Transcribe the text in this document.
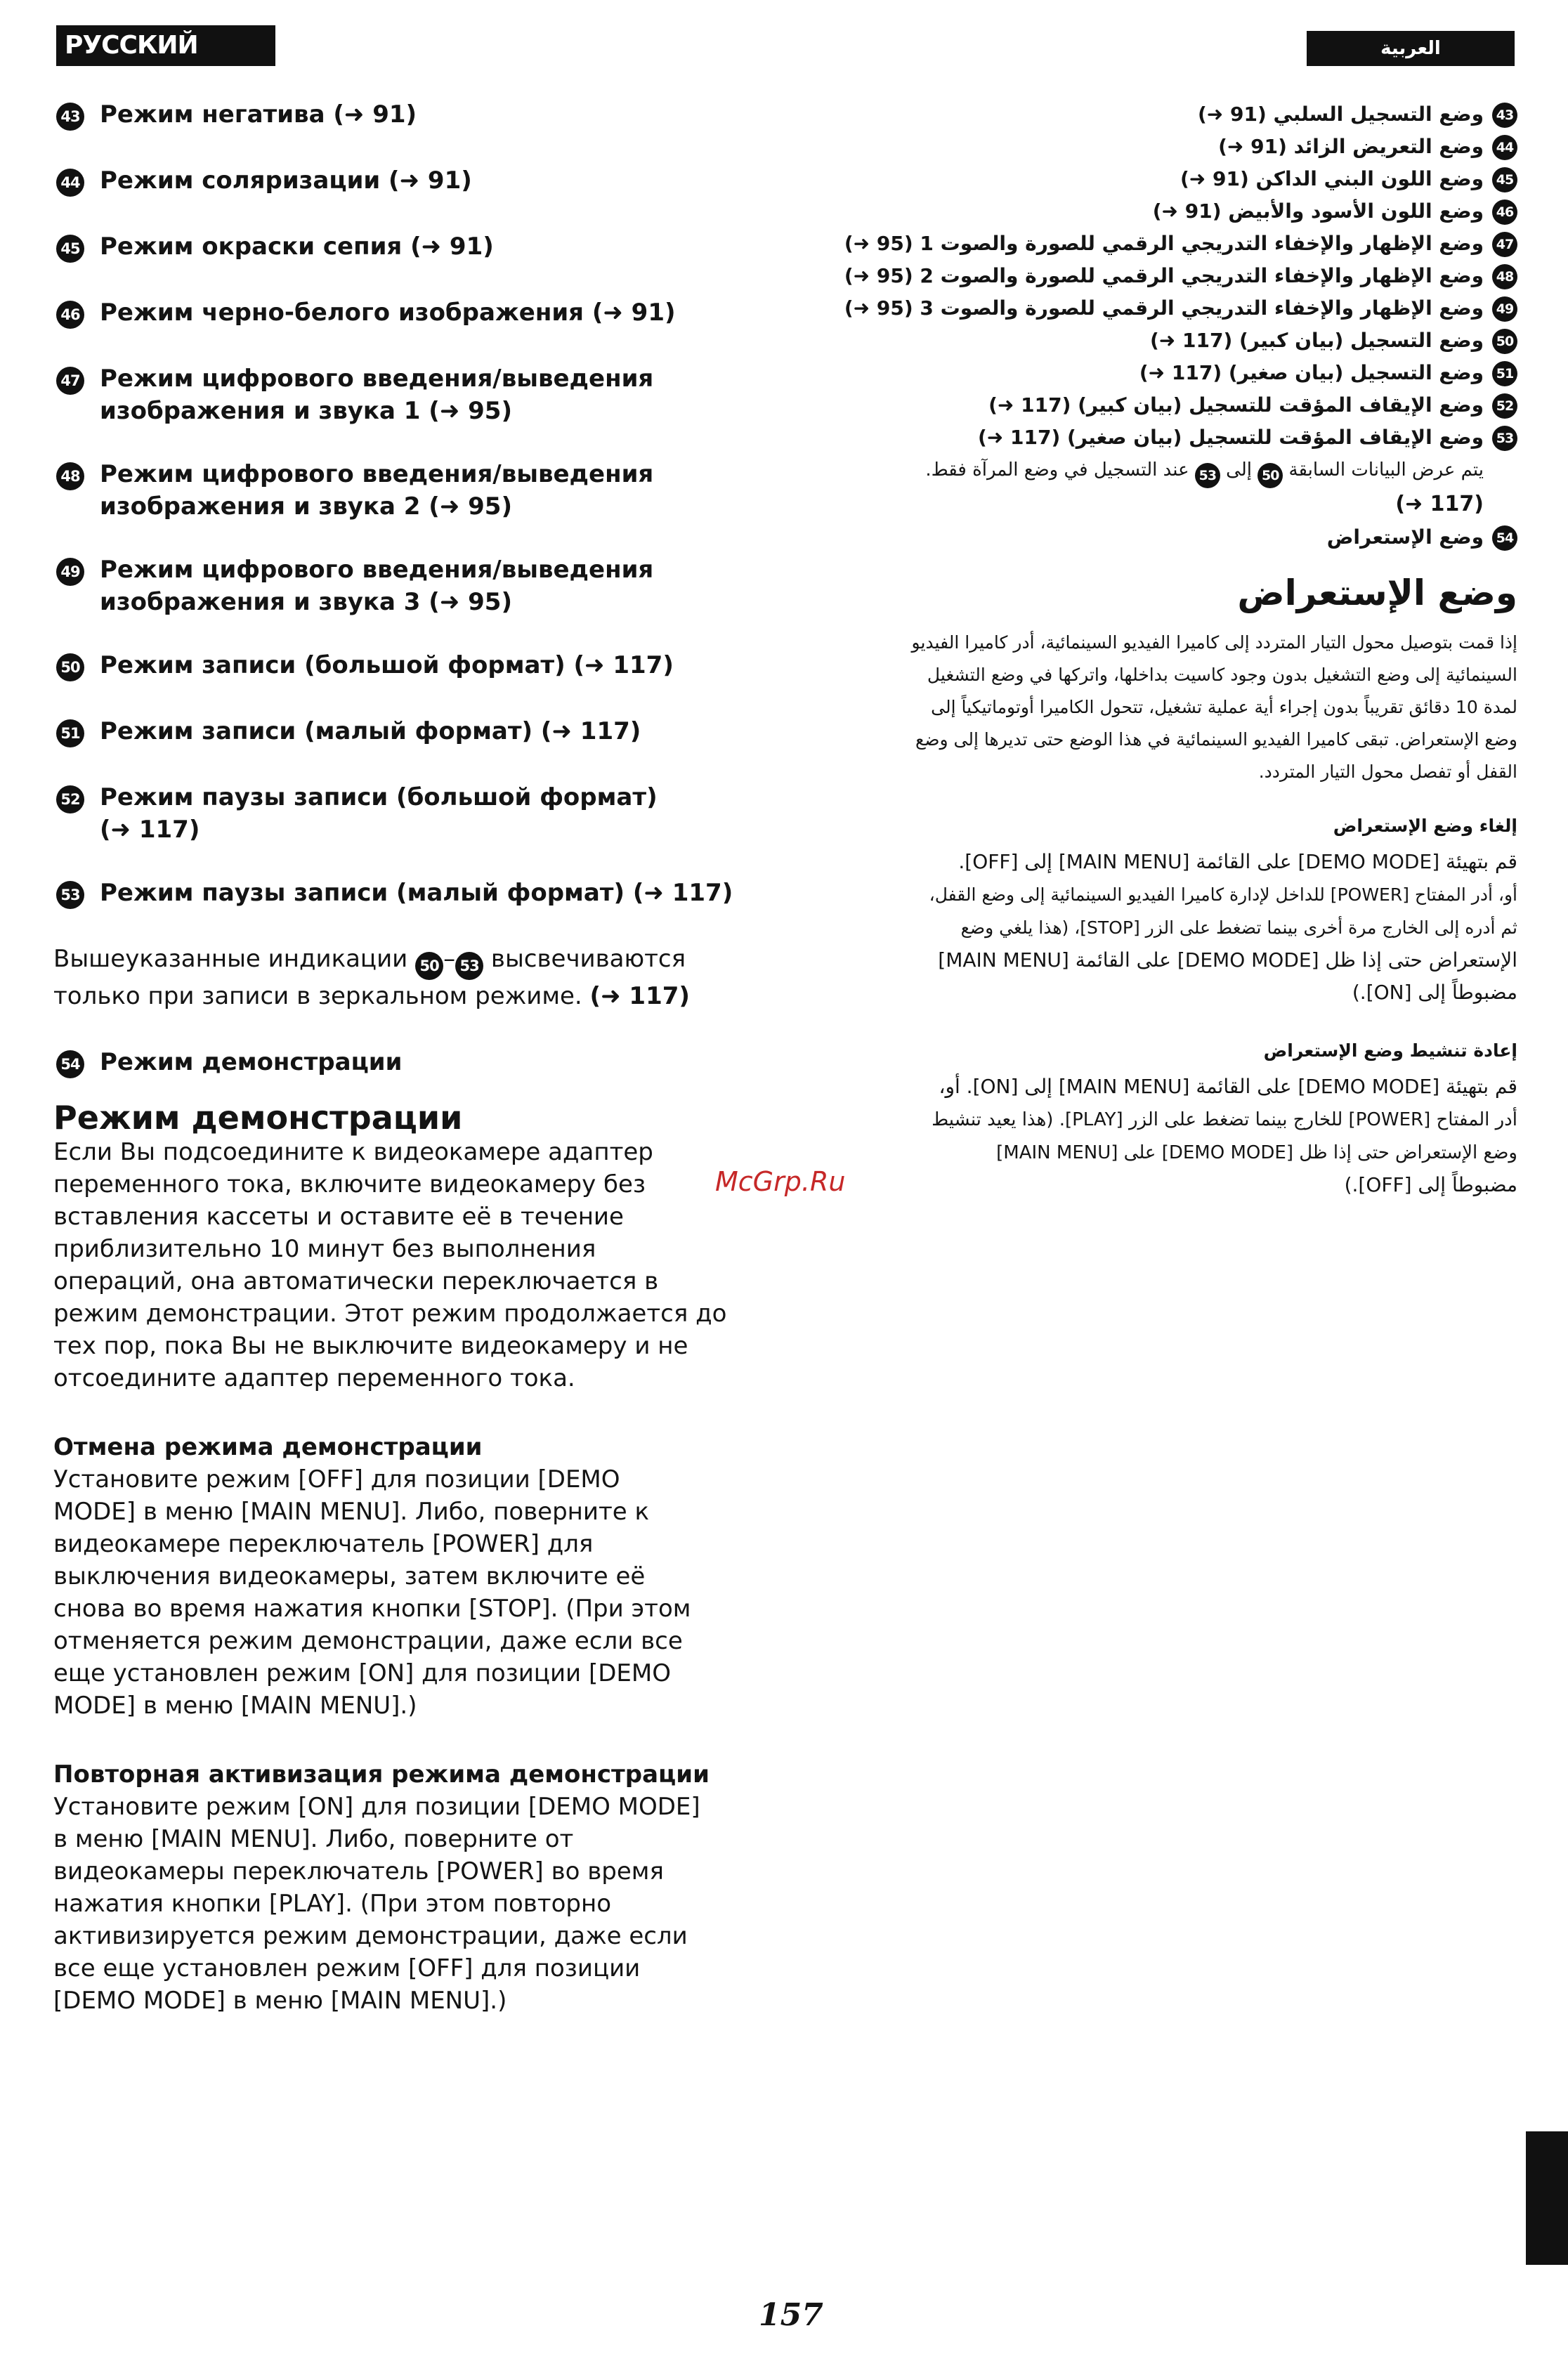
РУССКИЙ ЯЗЫК
العربية
43 Режим негатива (➜ 91)
44 Режим соляризации (➜ 91)
45 Режим окраски сепия (➜ 91)
46 Режим черно-белого изображения (➜ 91)
47 Режим цифрового введения/выведения
изображения и звука 1 (➜ 95)
48 Режим цифрового введения/выведения
изображения и звука 2 (➜ 95)
49 Режим цифрового введения/выведения
изображения и звука 3 (➜ 95)
50 Режим записи (большой формат) (➜ 117)
51 Режим записи (малый формат) (➜ 117)
52 Режим паузы записи (большой формат)
(➜ 117)
53 Режим паузы записи (малый формат) (➜ 117)
Вышеуказанные индикации 50 – 53 высвечиваются
только при записи в зеркальном режиме. (➜ 117)
54 Режим демонстрации
Режим демонстрации

Если Вы подсоедините к видеокамере адаптер
переменного тока, включите видеокамеру без
вставления кассеты и оставите её в течение
приблизительно 10 минут без выполнения
операций, она автоматически переключается в
режим демонстрации. Этот режим продолжается до
тех пор, пока Вы не выключите видеокамеру и не
отсоедините адаптер переменного тока.

Отмена режима демонстрации

Установите режим [OFF] для позиции [DEMO
MODE] в меню [MAIN MENU]. Либо, поверните к
видеокамере переключатель [POWER] для
выключения видеокамеры, затем включите её
снова во время нажатия кнопки [STOP]. (При этом
отменяется режим демонстрации, даже если все
еще установлен режим [ON] для позиции [DEMO
MODE] в меню [MAIN MENU].)

Повторная активизация режима демонстрации

Установите режим [ON] для позиции [DEMO MODE]
в меню [MAIN MENU]. Либо, поверните от
видеокамеры переключатель [POWER] во время
нажатия кнопки [PLAY]. (При этом повторно
активизируется режим демонстрации, даже если
все еще установлен режим [OFF] для позиции
[DEMO MODE] в меню [MAIN MENU].)

43
وضع التسجيل السلبي (91 ➜)
44
وضع التعريض الزائد (91 ➜)
45
وضع اللون البني الداكن (91 ➜)
46
وضع اللون الأسود والأبيض (91 ➜)
47
وضع الإظهار والإخفاء التدريجي الرقمي للصورة والصوت 1 (95 ➜)
48
وضع الإظهار والإخفاء التدريجي الرقمي للصورة والصوت 2 (95 ➜)
49
وضع الإظهار والإخفاء التدريجي الرقمي للصورة والصوت 3 (95 ➜)
50
وضع التسجيل (بيان كبير) (117 ➜)
51
وضع التسجيل (بيان صغير) (117 ➜)
52
وضع الإيقاف المؤقت للتسجيل (بيان كبير) (117 ➜)
53
وضع الإيقاف المؤقت للتسجيل (بيان صغير) (117 ➜)
يتم عرض البيانات السابقة 50 إلى 53 عند التسجيل في وضع المرآة فقط.
(117 ➜)
54
وضع الإستعراض
وضع الإستعراض

إذا قمت بتوصيل محول التيار المتردد إلى كاميرا الفيديو السينمائية، أدر كاميرا الفيديو
السينمائية إلى وضع التشغيل بدون وجود كاسيت بداخلها، واتركها في وضع التشغيل
لمدة 10 دقائق تقريباً بدون إجراء أية عملية تشغيل، تتحول الكاميرا أوتوماتيكياً إلى
وضع الإستعراض. تبقى كاميرا الفيديو السينمائية في هذا الوضع حتى تديرها إلى وضع
القفل أو تفصل محول التيار المتردد.

إلغاء وضع الإستعراض

قم بتهيئة [DEMO MODE] على القائمة [MAIN MENU] إلى [OFF].
أو، أدر المفتاح [POWER] للداخل لإدارة كاميرا الفيديو السينمائية إلى وضع القفل،
ثم أدره إلى الخارج مرة أخرى بينما تضغط على الزر [STOP]، (هذا يلغي وضع
الإستعراض حتى إذا ظل [DEMO MODE] على القائمة [MAIN MENU]
مضبوطاً إلى [ON].)

إعادة تنشيط وضع الإستعراض

قم بتهيئة [DEMO MODE] على القائمة [MAIN MENU] إلى [ON]. أو،
أدر المفتاح [POWER] للخارج بينما تضغط على الزر [PLAY]. (هذا يعيد تنشيط
وضع الإستعراض حتى إذا ظل [DEMO MODE] على [MAIN MENU]
مضبوطاً إلى [OFF].)

McGrp.Ru
157
